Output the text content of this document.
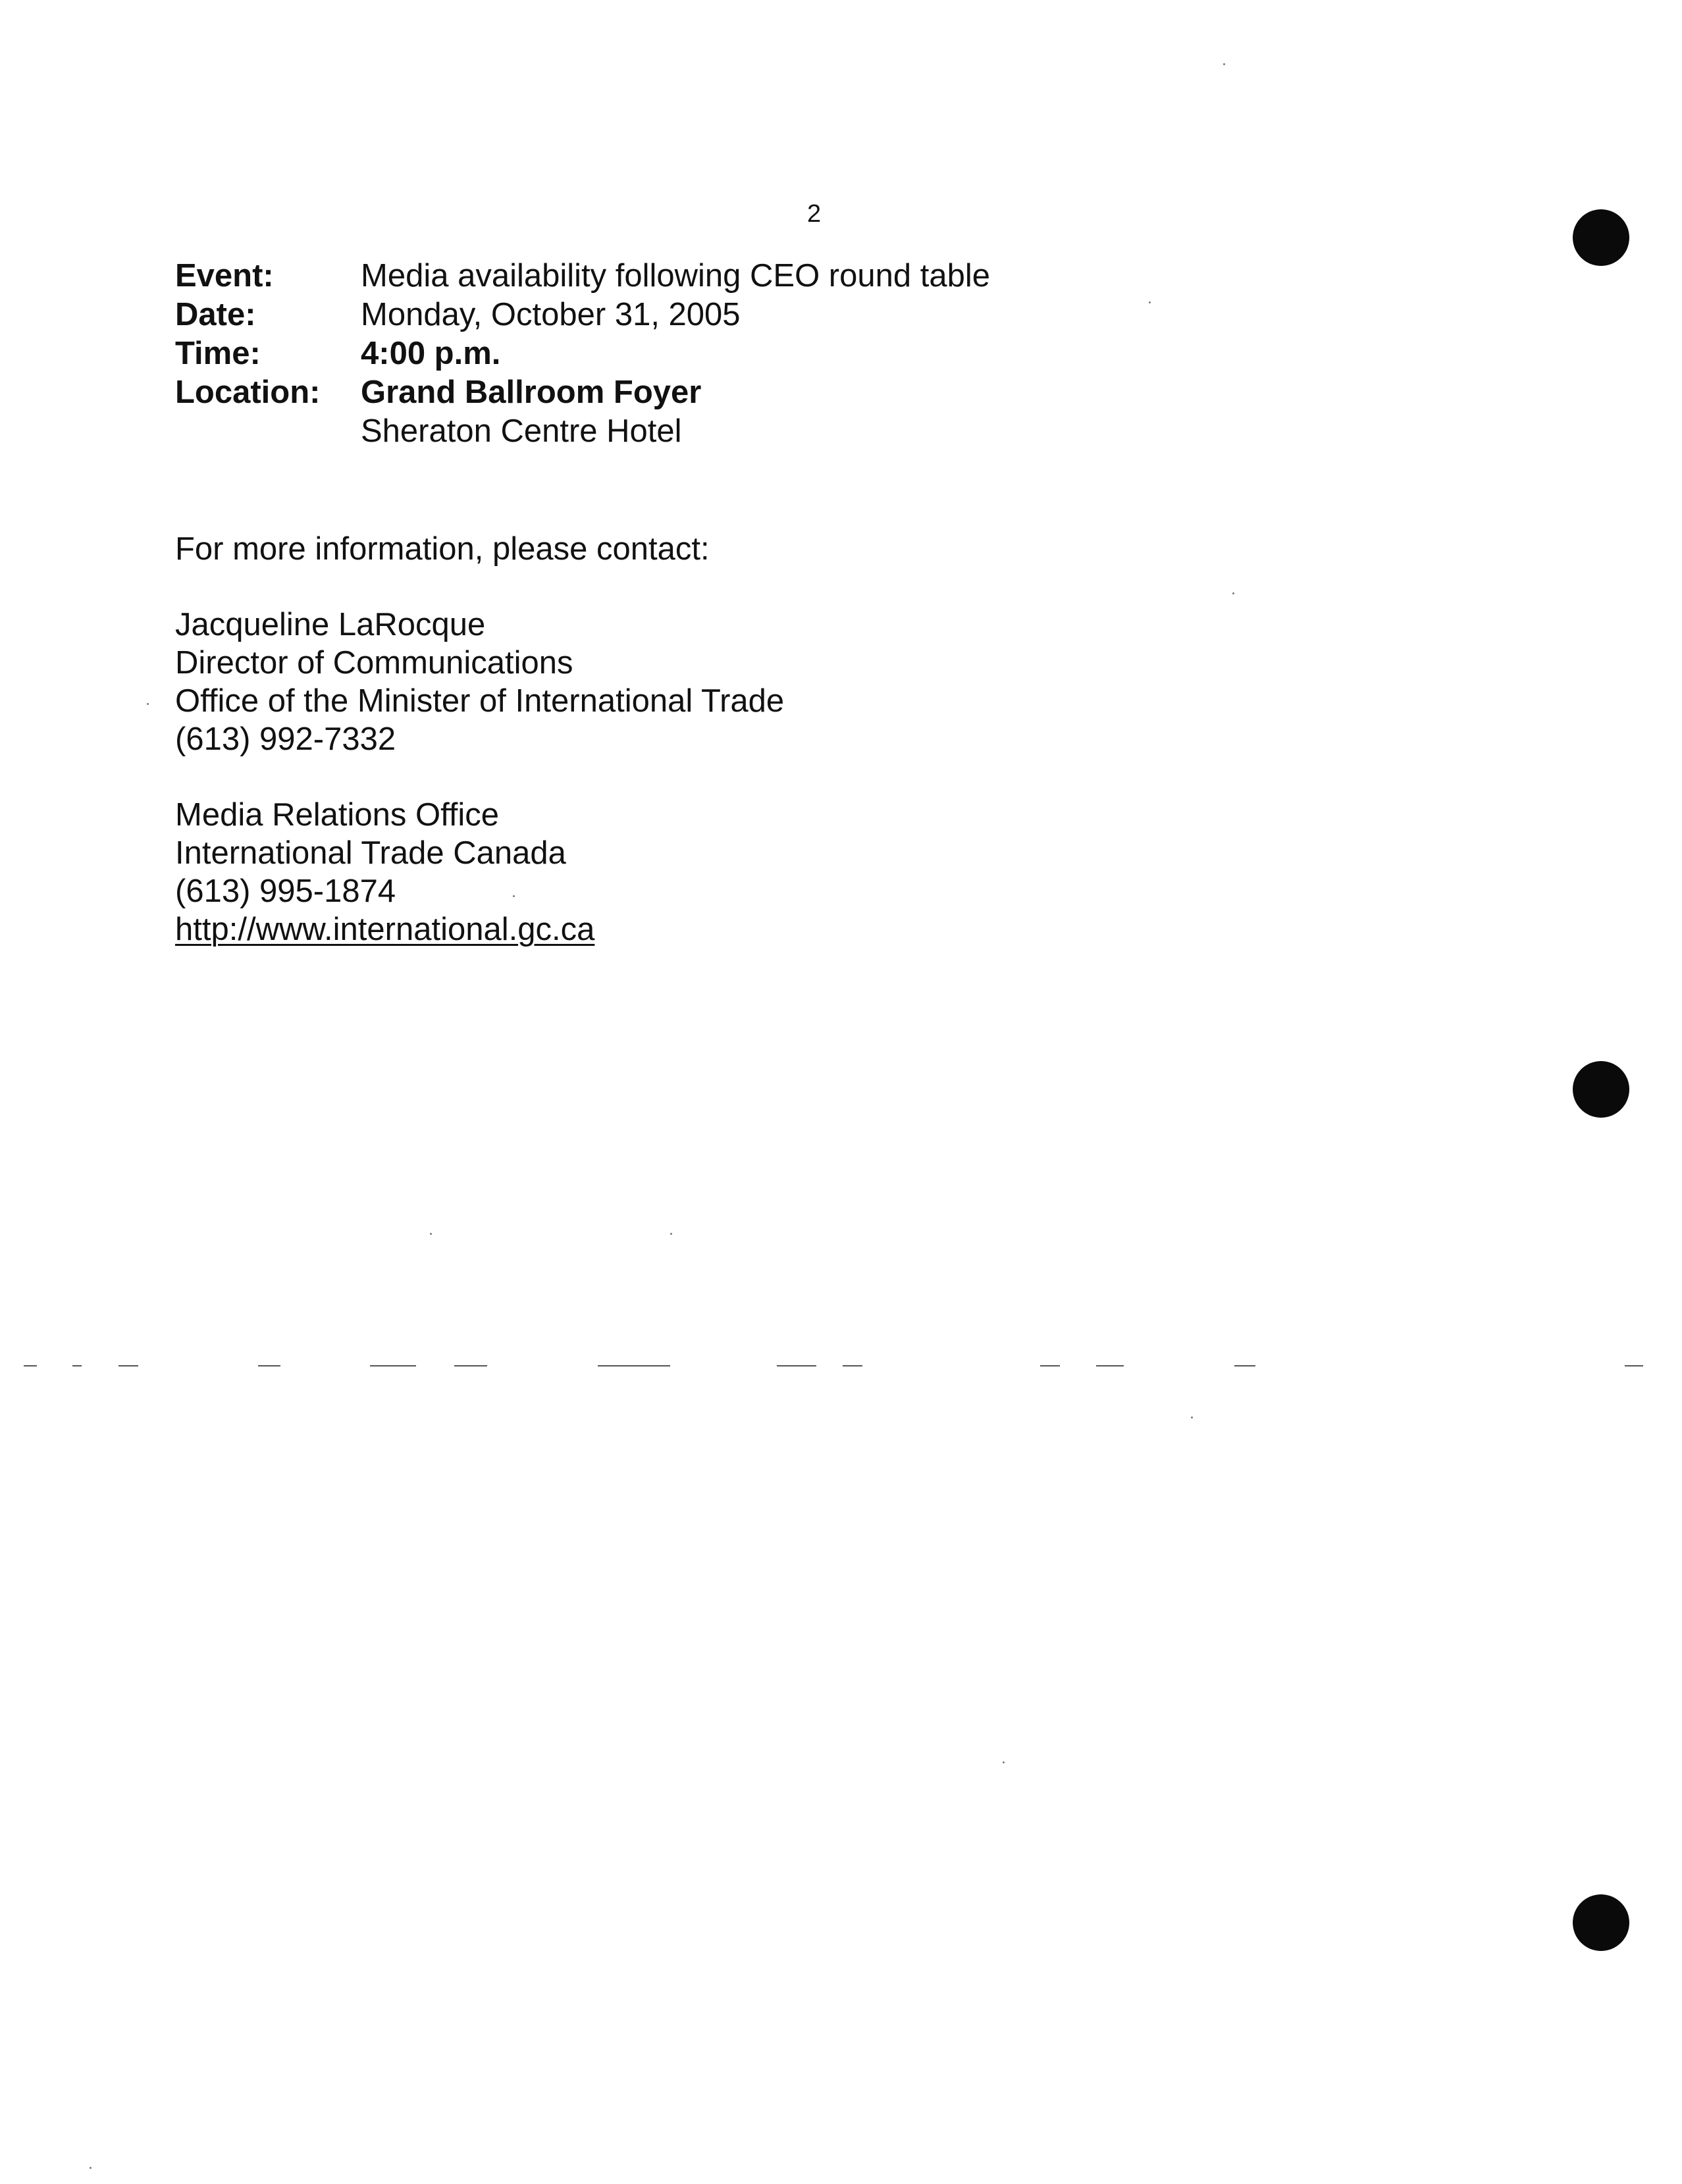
2
Event:	Media availability following CEO round table
Date:	Monday, October 31, 2005
Time:	4:00 p.m.
Location: Grand Ballroom Foyer
Sheraton Centre Hotel
For more information, please contact:
Jacqueline LaRocque
Director of Communications
Office of the Minister of International Trade
(613) 992-7332
Media Relations Office
International Trade Canada
(613) 995-1874
http://www.international.gc.ca
